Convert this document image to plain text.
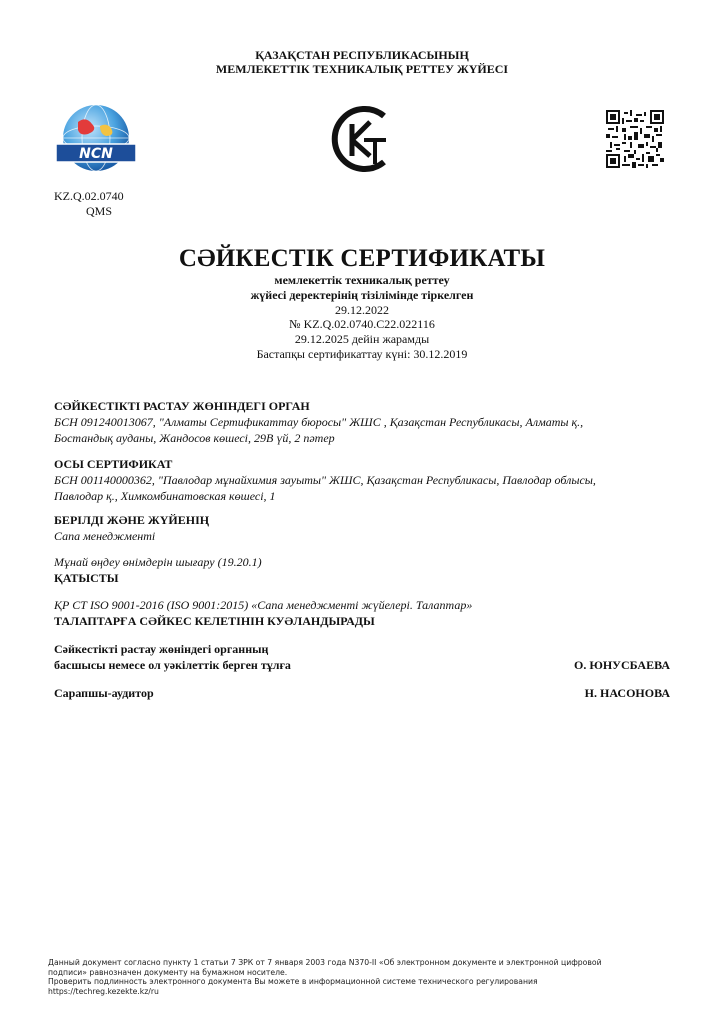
ҚАЗАҚСТАН РЕСПУБЛИКАСЫНЫҢ
МЕМЛЕКЕТТІК ТЕХНИКАЛЫҚ РЕТТЕУ ЖҮЙЕСІ
NCN
KZ.Q.02.0740
QMS
СӘЙКЕСТІК СЕРТИФИКАТЫ
мемлекеттік техникалық реттеу
жүйесі деректерінің тізілімінде тіркелген
29.12.2022
№ KZ.Q.02.0740.C22.022116
29.12.2025 дейін жарамды
Бастапқы сертификаттау күні: 30.12.2019
СӘЙКЕСТІКТІ РАСТАУ ЖӨНІНДЕГІ ОРГАН
БСН 091240013067, "Алматы Сертификаттау бюросы" ЖШС , Қазақстан Республикасы, Алматы қ.,
Бостандық ауданы, Жандосов көшесі, 29В үй, 2 пәтер
ОСЫ СЕРТИФИКАТ
БСН 001140000362, "Павлодар мұнайхимия зауыты" ЖШС, Қазақстан Республикасы, Павлодар облысы,
Павлодар қ., Химкомбинатовская көшесі, 1
БЕРІЛДІ ЖӘНЕ ЖҮЙЕНІҢ
Сапа менеджменті
Мұнай өңдеу өнімдерін шығару (19.20.1)
ҚАТЫСТЫ
ҚР СТ ISO 9001-2016 (ISO 9001:2015) «Сапа менеджменті жүйелері. Талаптар»
ТАЛАПТАРҒА СӘЙКЕС КЕЛЕТІНІН КУӘЛАНДЫРАДЫ
Сәйкестікті растау жөніндегі органның
басшысы немесе ол уәкілеттік берген тұлға	О. ЮНУСБАЕВА
Сарапшы-аудитор	Н. НАСОНОВА
Данный документ согласно пункту 1 статьи 7 ЗРК от 7 января 2003 года N370-II «Об электронном документе и электронной цифровой
подписи» равнозначен документу на бумажном носителе.
Проверить подлинность электронного документа Вы можете в информационной системе технического регулирования
https://techreg.kezekte.kz/ru
